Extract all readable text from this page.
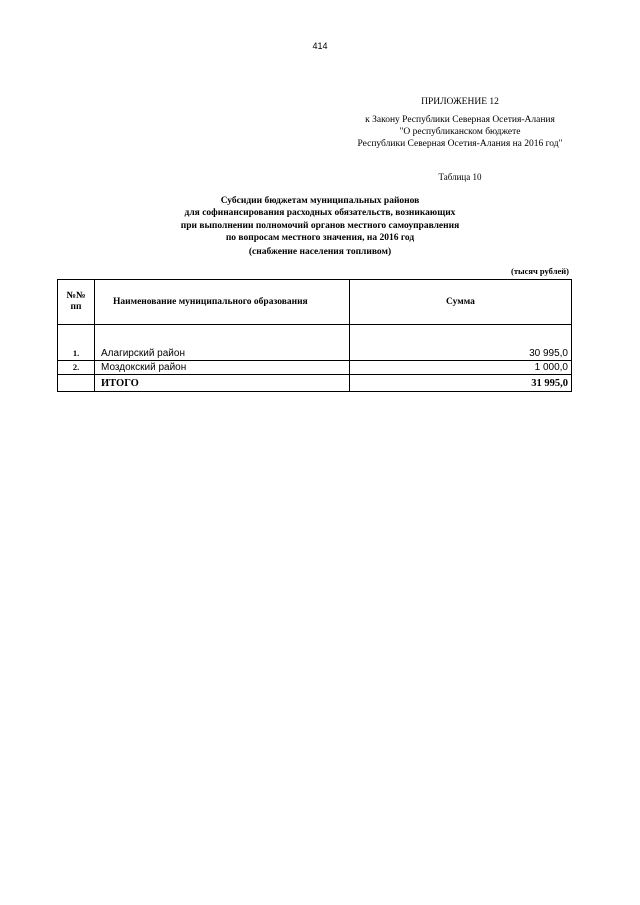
414
ПРИЛОЖЕНИЕ 12
к Закону Республики Северная Осетия-Алания
"О республиканском бюджете
Республики Северная Осетия-Алания на 2016 год"
Таблица 10
Субсидии бюджетам муниципальных районов
для софинансирования расходных обязательств, возникающих
при выполнении полномочий органов местного самоуправления
по вопросам местного значения, на 2016 год
(снабжение населения топливом)
(тысяч рублей)
№№
пп	Наименование муниципального образования	Сумма

1.	Алагирский район	30 995,0
2.	Моздокский район	1 000,0
	ИТОГО	31 995,0
